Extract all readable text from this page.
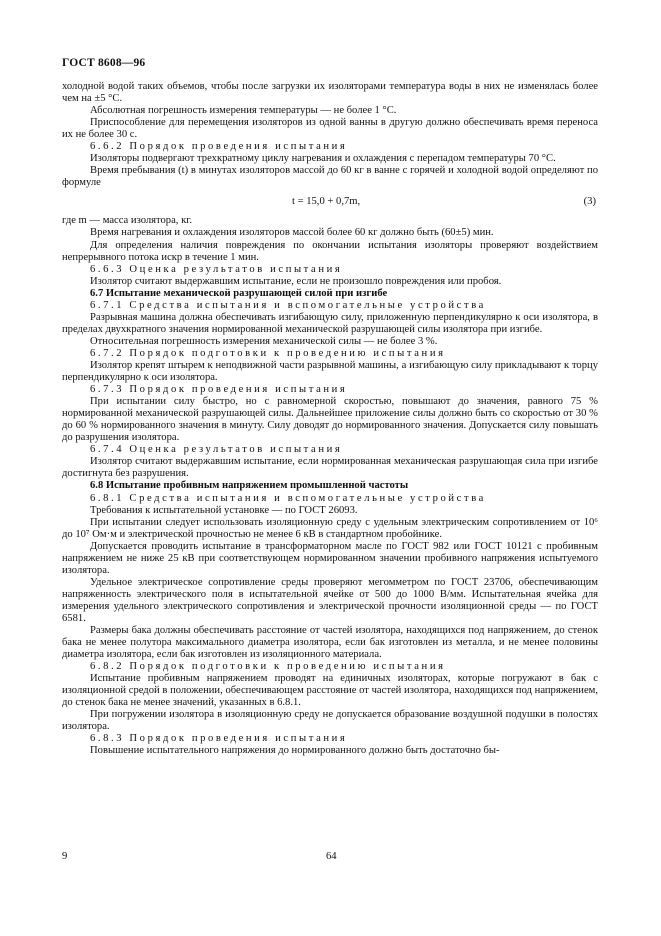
ГОСТ 8608—96

холодной водой таких объемов, чтобы после загрузки их изоляторами температура воды в них не изменялась более чем на ±5 °С.

Абсолютная погрешность измерения температуры — не более 1 °С.

Приспособление для перемещения изоляторов из одной ванны в другую должно обеспечивать время переноса их не более 30 с.

6.6.2 Порядок проведения испытания

Изоляторы подвергают трехкратному циклу нагревания и охлаждения с перепадом температуры 70 °С.

Время пребывания (t) в минутах изоляторов массой до 60 кг в ванне с горячей и холодной водой определяют по формуле

t = 15,0 + 0,7m,	(3)

где m — масса изолятора, кг.

Время нагревания и охлаждения изоляторов массой более 60 кг должно быть (60±5) мин.

Для определения наличия повреждения по окончании испытания изоляторы проверяют воздействием непрерывного потока искр в течение 1 мин.

6.6.3 Оценка результатов испытания

Изолятор считают выдержавшим испытание, если не произошло повреждения или пробоя.

6.7 Испытание механической разрушающей силой при изгибе

6.7.1 Средства испытания и вспомогательные устройства

Разрывная машина должна обеспечивать изгибающую силу, приложенную перпендикулярно к оси изолятора, в пределах двухкратного значения нормированной механической разрушающей силы изолятора при изгибе.

Относительная погрешность измерения механической силы — не более 3 %.

6.7.2 Порядок подготовки к проведению испытания

Изолятор крепят штырем к неподвижной части разрывной машины, а изгибающую силу прикладывают к торцу перпендикулярно к оси изолятора.

6.7.3 Порядок проведения испытания

При испытании силу быстро, но с равномерной скоростью, повышают до значения, равного 75 % нормированной механической разрушающей силы. Дальнейшее приложение силы должно быть со скоростью от 30 % до 60 % нормированного значения в минуту. Силу доводят до нормированного значения. Допускается силу повышать до разрушения изолятора.

6.7.4 Оценка результатов испытания

Изолятор считают выдержавшим испытание, если нормированная механическая разрушающая сила при изгибе достигнута без разрушения.

6.8 Испытание пробивным напряжением промышленной частоты

6.8.1 Средства испытания и вспомогательные устройства

Требования к испытательной установке — по ГОСТ 26093.

При испытании следует использовать изоляционную среду с удельным электрическим сопротивлением от 10⁶ до 10⁷ Ом·м и электрической прочностью не менее 6 кВ в стандартном пробойнике.

Допускается проводить испытание в трансформаторном масле по ГОСТ 982 или ГОСТ 10121 с пробивным напряжением не ниже 25 кВ при соответствующем нормированном значении пробивного напряжения испытуемого изолятора.

Удельное электрическое сопротивление среды проверяют мегомметром по ГОСТ 23706, обеспечивающим напряженность электрического поля в испытательной ячейке от 500 до 1000 В/мм. Испытательная ячейка для измерения удельного электрического сопротивления и электрической прочности изоляционной среды — по ГОСТ 6581.

Размеры бака должны обеспечивать расстояние от частей изолятора, находящихся под напряжением, до стенок бака не менее полутора максимального диаметра изолятора, если бак изготовлен из металла, и не менее половины диаметра изолятора, если бак изготовлен из изоляционного материала.

6.8.2 Порядок подготовки к проведению испытания

Испытание пробивным напряжением проводят на единичных изоляторах, которые погружают в бак с изоляционной средой в положении, обеспечивающем расстояние от частей изолятора, находящихся под напряжением, до стенок бака не менее значений, указанных в 6.8.1.

При погружении изолятора в изоляционную среду не допускается образование воздушной подушки в полостях изолятора.

6.8.3 Порядок проведения испытания

Повышение испытательного напряжения до нормированного должно быть достаточно бы-

9	64
